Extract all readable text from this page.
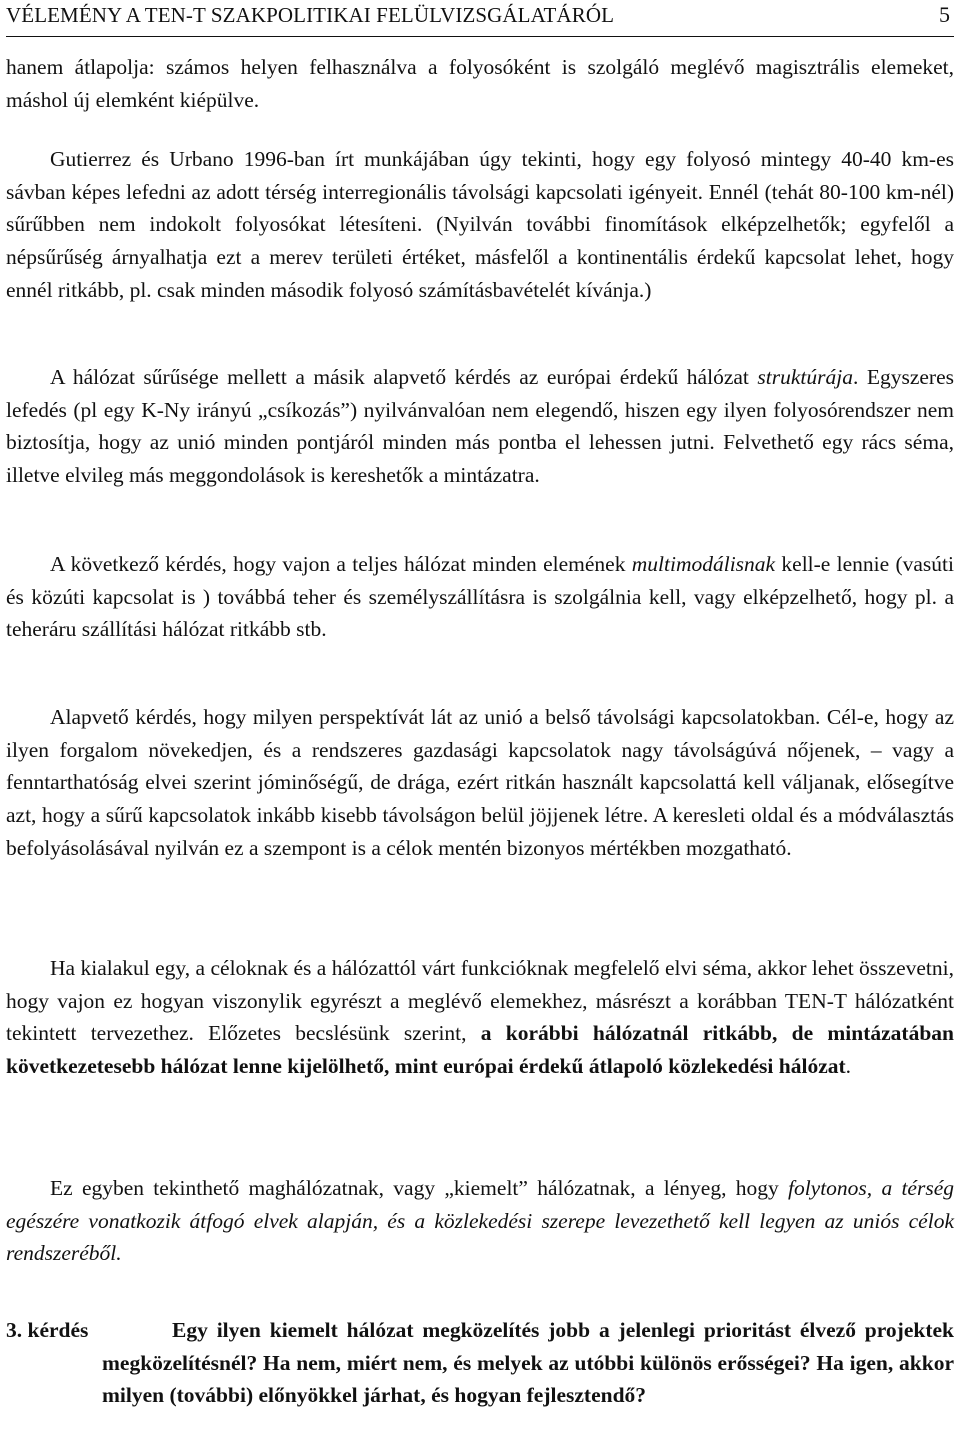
VÉLEMÉNY A TEN-T SZAKPOLITIKAI FELÜLVIZSGÁLATÁRÓL	5

hanem átlapolja: számos helyen felhasználva a folyosóként is szolgáló meglévő magisztrális elemeket, máshol új elemként kiépülve.

Gutierrez és Urbano 1996-ban írt munkájában úgy tekinti, hogy egy folyosó mintegy 40-40 km-es sávban képes lefedni az adott térség interregionális távolsági kapcsolati igényeit. Ennél (tehát 80-100 km-nél) sűrűbben nem indokolt folyosókat létesíteni. (Nyilván további finomítások elképzelhetők; egyfelől a népsűrűség árnyalhatja ezt a merev területi értéket, másfelől a kontinentális érdekű kapcsolat lehet, hogy ennél ritkább, pl. csak minden második folyosó számításbavételét kívánja.)

A hálózat sűrűsége mellett a másik alapvető kérdés az európai érdekű hálózat struktúrája. Egyszeres lefedés (pl egy K-Ny irányú „csíkozás”) nyilvánvalóan nem elegendő, hiszen egy ilyen folyosórendszer nem biztosítja, hogy az unió minden pontjáról minden más pontba el lehessen jutni. Felvethető egy rács séma, illetve elvileg más meggondolások is kereshetők a mintázatra.

A következő kérdés, hogy vajon a teljes hálózat minden elemének multimodálisnak kell-e lennie (vasúti és közúti kapcsolat is ) továbbá teher és személyszállításra is szolgálnia kell, vagy elképzelhető, hogy pl. a teheráru szállítási hálózat ritkább stb.

Alapvető kérdés, hogy milyen perspektívát lát az unió a belső távolsági kapcsolatokban. Cél-e, hogy az ilyen forgalom növekedjen, és a rendszeres gazdasági kapcsolatok nagy távolságúvá nőjenek, – vagy a fenntarthatóság elvei szerint jóminőségű, de drága, ezért ritkán használt kapcsolattá kell váljanak, elősegítve azt, hogy a sűrű kapcsolatok inkább kisebb távolságon belül jöjjenek létre. A keresleti oldal és a módválasztás befolyásolásával nyilván ez a szempont is a célok mentén bizonyos mértékben mozgatható.

Ha kialakul egy, a céloknak és a hálózattól várt funkcióknak megfelelő elvi séma, akkor lehet összevetni, hogy vajon ez hogyan viszonylik egyrészt a meglévő elemekhez, másrészt a korábban TEN-T hálózatként tekintett tervezethez. Előzetes becslésünk szerint, a korábbi hálózatnál ritkább, de mintázatában következetesebb hálózat lenne kijelölhető, mint európai érdekű átlapoló közlekedési hálózat.

Ez egyben tekinthető maghálózatnak, vagy „kiemelt” hálózatnak, a lényeg, hogy folytonos, a térség egészére vonatkozik átfogó elvek alapján, és a közlekedési szerepe levezethető kell legyen az uniós célok rendszeréből.

3. kérdés	Egy ilyen kiemelt hálózat megközelítés jobb a jelenlegi prioritást élvező projektek megközelítésnél? Ha nem, miért nem, és melyek az utóbbi különös erősségei? Ha igen, akkor milyen (további) előnyökkel járhat, és hogyan fejlesztendő?
